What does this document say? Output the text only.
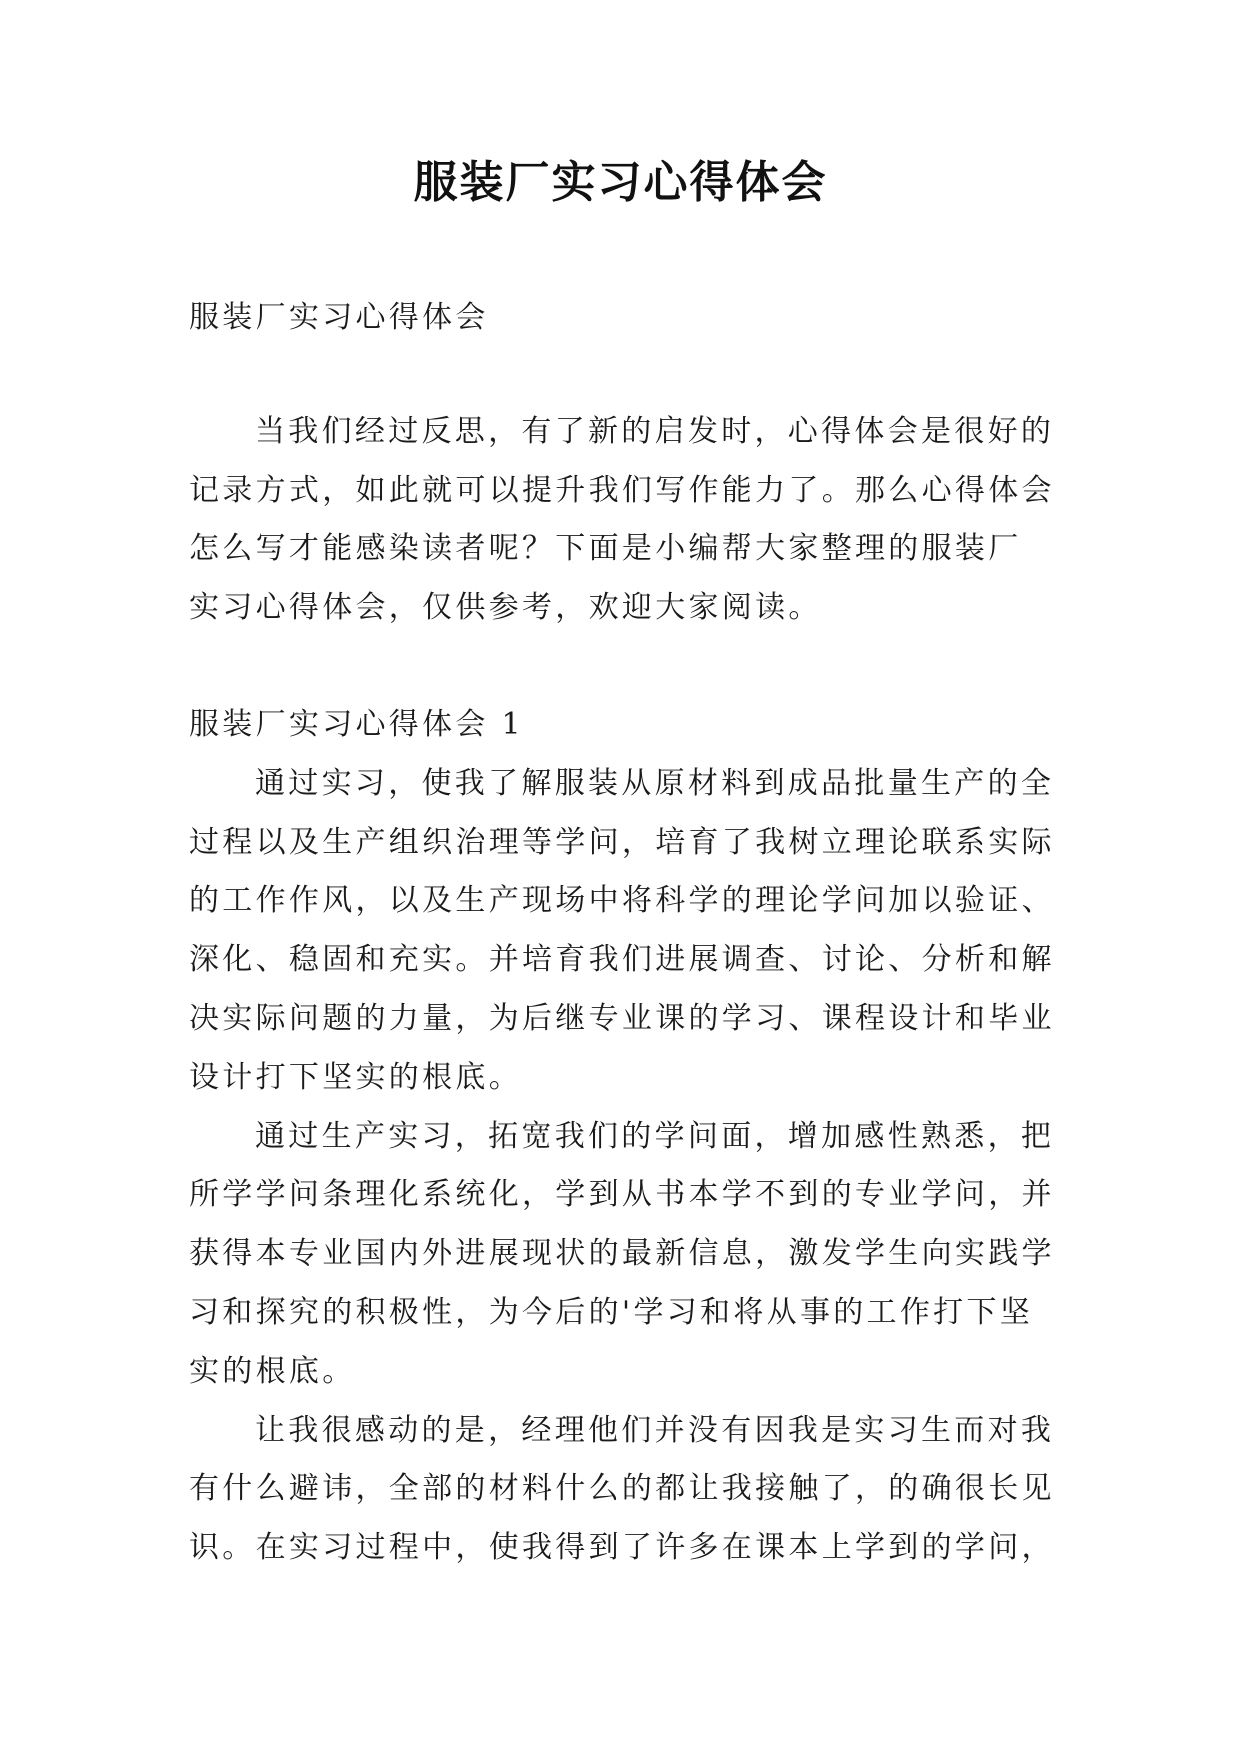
服装厂实习心得体会
服装厂实习心得体会
当我们经过反思，有了新的启发时，心得体会是很好的
记录方式，如此就可以提升我们写作能力了。那么心得体会
怎么写才能感染读者呢？下面是小编帮大家整理的服装厂
实习心得体会，仅供参考，欢迎大家阅读。
服装厂实习心得体会 1
通过实习，使我了解服装从原材料到成品批量生产的全
过程以及生产组织治理等学问，培育了我树立理论联系实际
的工作作风，以及生产现场中将科学的理论学问加以验证、
深化、稳固和充实。并培育我们进展调查、讨论、分析和解
决实际问题的力量，为后继专业课的学习、课程设计和毕业
设计打下坚实的根底。
通过生产实习，拓宽我们的学问面，增加感性熟悉，把
所学学问条理化系统化，学到从书本学不到的专业学问，并
获得本专业国内外进展现状的最新信息，激发学生向实践学
习和探究的积极性，为今后的'学习和将从事的工作打下坚
实的根底。
让我很感动的是，经理他们并没有因我是实习生而对我
有什么避讳，全部的材料什么的都让我接触了，的确很长见
识。在实习过程中，使我得到了许多在课本上学到的学问，
